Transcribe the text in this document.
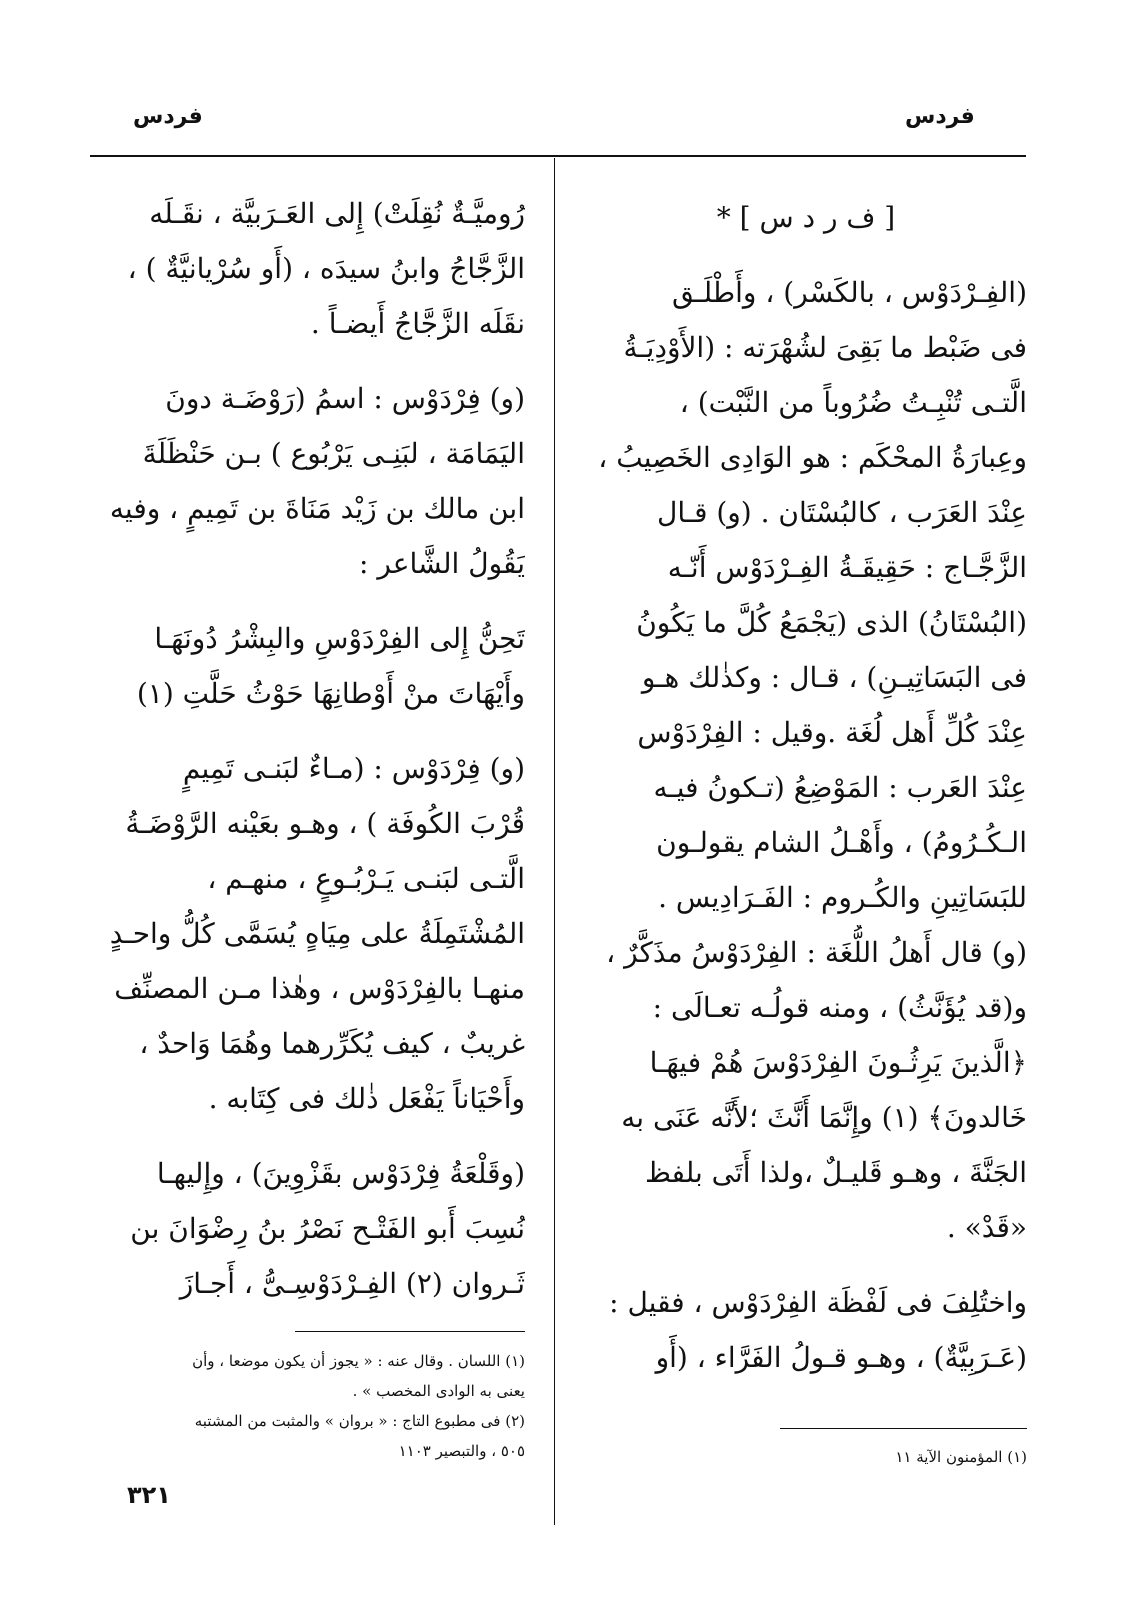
فردس
فردس
[ ف ر د س ] *
(الفِـرْدَوْس ، بالكَسْر) ، وأَطْلَـق
فى ضَبْط ما بَقِىَ لشُهْرَته : (الأَوْدِيَـةُ
الَّتـى تُنْبِـتُ ضُرُوباً من النَّبْت) ،
وعِبارَةُ المحْكَم : هو الوَادِى الخَصِيبُ ،
عِنْدَ العَرَب ، كالبُسْتَان . (و) قـال
الزَّجَّـاج : حَقِيقَـةُ الفِـرْدَوْس أَنّـه
(البُسْتَانُ) الذى (يَجْمَعُ كُلَّ ما يَكُونُ
فى البَسَاتِيـنِ) ، قـال : وكذٰلك هـو
عِنْدَ كُلِّ أَهل لُغَة .وقيل : الفِرْدَوْس
عِنْدَ العَرب : المَوْضِعُ (تـكونُ فيـه
الـكُـرُومُ) ، وأَهْـلُ الشام يقولـون
للبَسَاتِينِ والكُـروم : الفَـرَادِيس .
(و) قال أَهلُ اللُّغَة : الفِرْدَوْسُ مذَكَّرٌ ،
و(قد يُؤَنَّثُ) ، ومنه قولُـه تعـالَى :
﴿الَّذينَ يَرِثُـونَ الفِرْدَوْسَ هُمْ فيهَـا
خَالدونَ﴾ (١) وإِنَّمَا أَنَّثَ ؛لأَنَّه عَنَى به
الجَنَّةَ ، وهـو قَليـلٌ ،ولذا أَتَى بلفظ
«قَدْ» .
واختُلِفَ فى لَفْظَة الفِرْدَوْس ، فقيل :
(عَـرَبِيَّةٌ) ، وهـو قـولُ الفَرَّاء ، (أَو
رُوميَّـةٌ نُقِلَتْ) إِلى العَـرَبيَّة ، نقَـلَه
الزَّجَّاجُ وابنُ سيدَه ، (أَو سُرْيانيَّةٌ ) ،
نقَلَه الزَّجَّاجُ أَيضـاً .
(و) فِرْدَوْس : اسمُ (رَوْضَـة دونَ
اليَمَامَة ، لبَنِـى يَرْبُوع ) بـن حَنْظَلَةَ
ابن مالك بن زَيْد مَنَاةَ بن تَمِيمٍ ، وفيه
يَقُولُ الشَّاعر :
تَحِنُّ إِلى الفِرْدَوْسِ والبِشْرُ دُونَهَـا
وأَيْهَاتَ منْ أَوْطانِهَا حَوْثُ حَلَّتِ (١)
(و) فِرْدَوْس : (مـاءٌ لبَنـى تَمِيمٍ
قُرْبَ الكُوفَة ) ، وهـو بعَيْنه الرَّوْضَـةُ
الَّتـى لبَنـى يَـرْبُـوعٍ ، منهـم ،
المُشْتَمِلَةُ على مِيَاهٍ يُسَمَّى كُلُّ واحـدٍ
منهـا بالفِرْدَوْس ، وهٰذا مـن المصنِّف
غريبٌ ، كيف يُكَرِّرهما وهُمَا وَاحدٌ ،
وأَحْيَاناً يَفْعَل ذٰلك فى كِتَابه .
(وقَلْعَةُ فِرْدَوْس بقَزْوِينَ) ، وإِليهـا
نُسِبَ أَبو الفَتْـح نَصْرُ بنُ رِضْوَانَ بن
ثَـروان (٢) الفِـرْدَوْسِـىُّ ، أَجـازَ
(١) اللسان . وقال عنه : « يجوز أن يكون موضعا ، وأن
يعنى به الوادى المخصب » .
(٢) فى مطبوع التاج : « بروان » والمثبت من المشتبه
٥٠٥ ، والتبصير ١١٠٣	(١) المؤمنون الآية ١١
٣٢١
